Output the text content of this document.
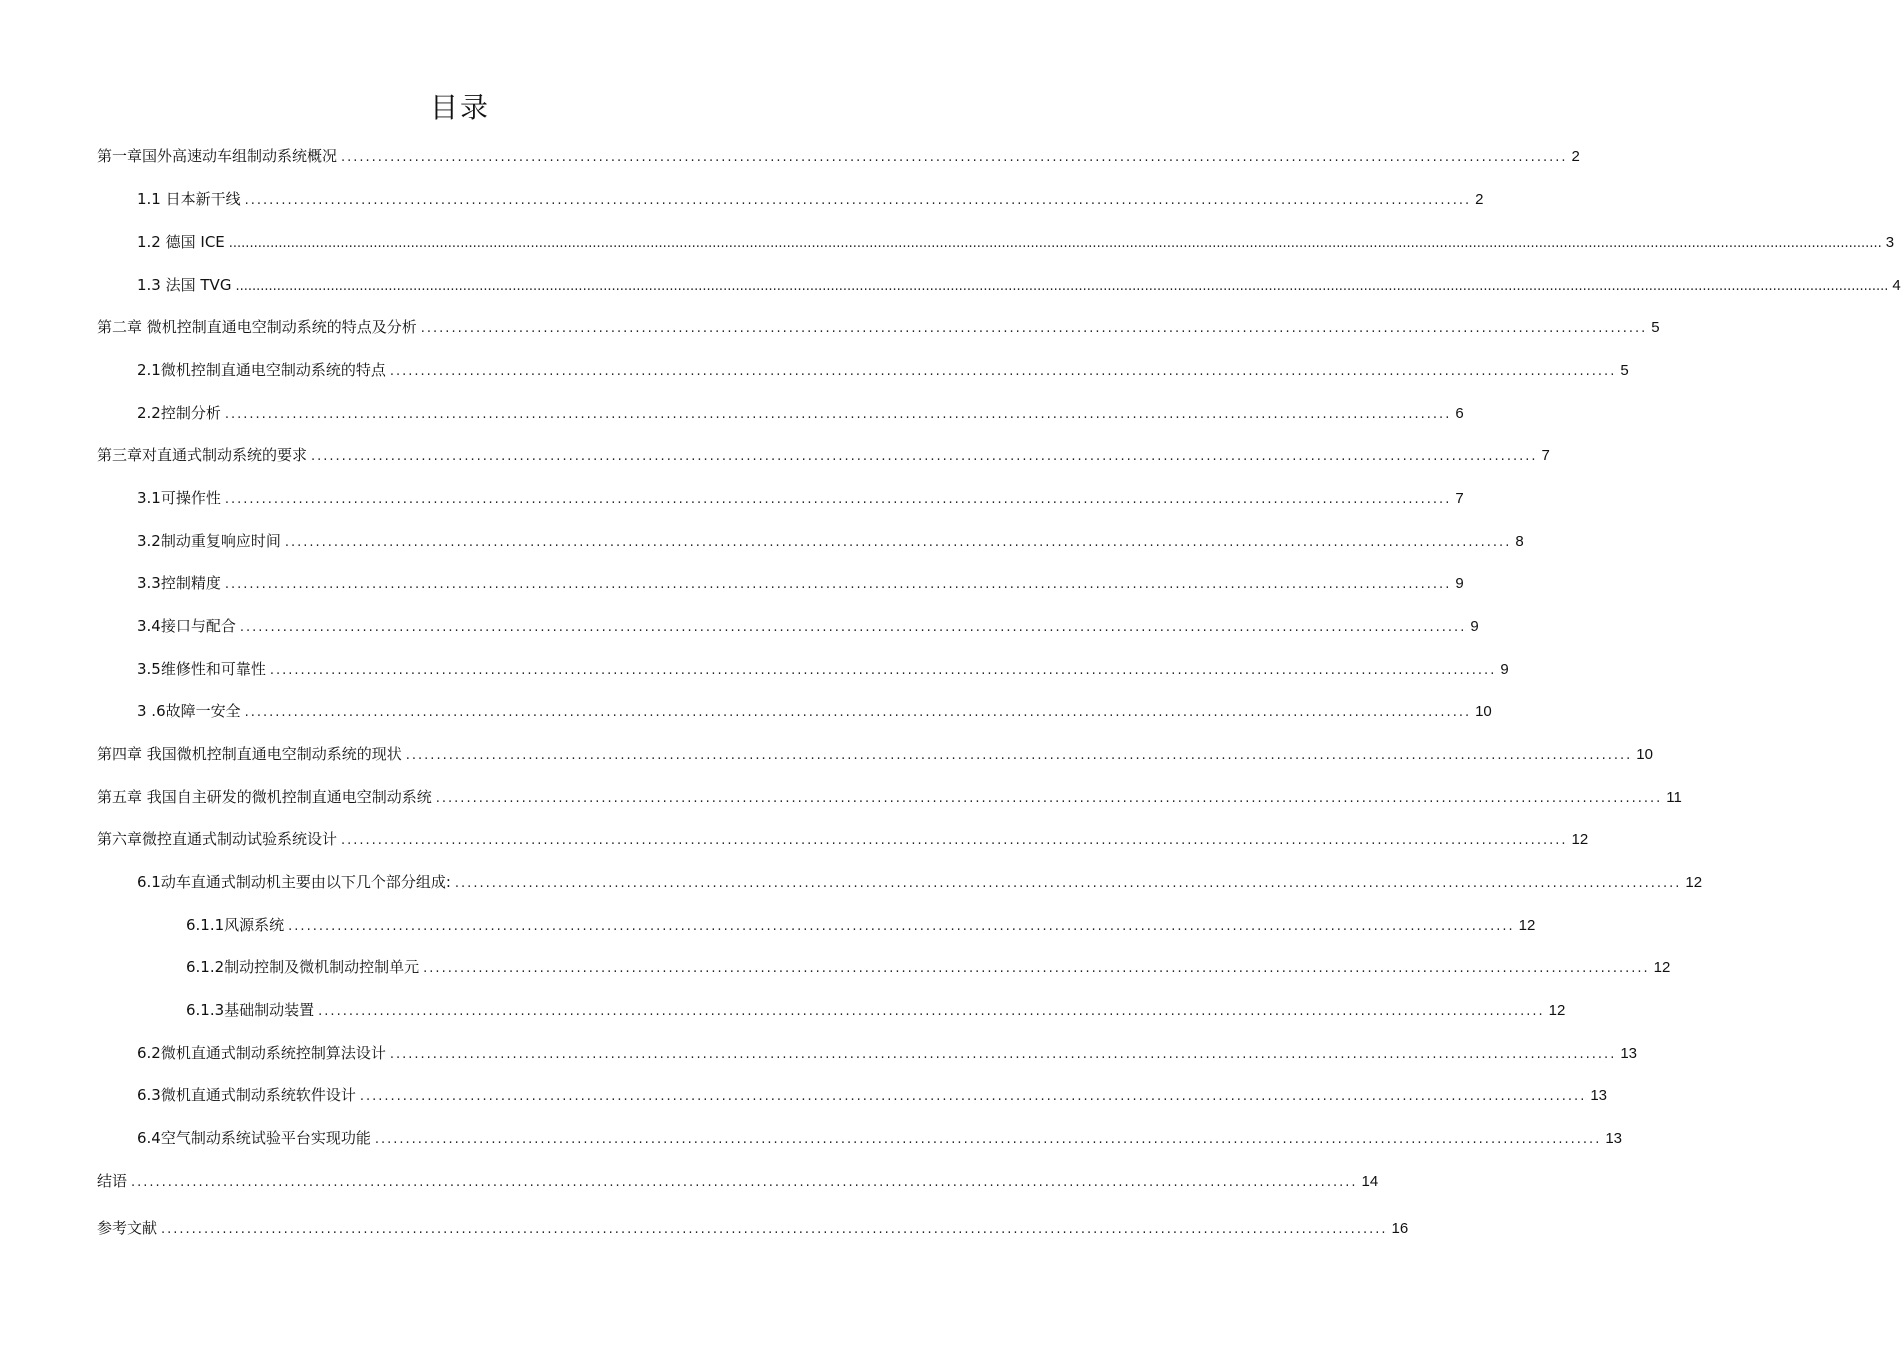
目录
第一章国外高速动车组制动系统概况 ........................................................................................................................................................................................................ 2
1.1 日本新干线 ........................................................................................................................................................................................................ 2
1.2 德国 ICE ................................................................................................................................................................................................................................................................................................................................................................................................................ 3
1.3 法国 TVG ................................................................................................................................................................................................................................................................................................................................................................................................................ 4
第二章 微机控制直通电空制动系统的特点及分析 ........................................................................................................................................................................................................ 5
2.1微机控制直通电空制动系统的特点 ........................................................................................................................................................................................................ 5
2.2控制分析 ........................................................................................................................................................................................................ 6
第三章对直通式制动系统的要求 ........................................................................................................................................................................................................ 7
3.1可操作性 ........................................................................................................................................................................................................ 7
3.2制动重复响应时间 ........................................................................................................................................................................................................ 8
3.3控制精度 ........................................................................................................................................................................................................ 9
3.4接口与配合 ........................................................................................................................................................................................................ 9
3.5维修性和可靠性 ........................................................................................................................................................................................................ 9
3 .6故障一安全 ........................................................................................................................................................................................................ 10
第四章 我国微机控制直通电空制动系统的现状 ........................................................................................................................................................................................................ 10
第五章 我国自主研发的微机控制直通电空制动系统 ........................................................................................................................................................................................................ 11
第六章微控直通式制动试验系统设计 ........................................................................................................................................................................................................ 12
6.1动车直通式制动机主要由以下几个部分组成: ........................................................................................................................................................................................................ 12
6.1.1风源系统 ........................................................................................................................................................................................................ 12
6.1.2制动控制及微机制动控制单元 ........................................................................................................................................................................................................ 12
6.1.3基础制动装置 ........................................................................................................................................................................................................ 12
6.2微机直通式制动系统控制算法设计 ........................................................................................................................................................................................................ 13
6.3微机直通式制动系统软件设计 ........................................................................................................................................................................................................ 13
6.4空气制动系统试验平台实现功能 ........................................................................................................................................................................................................ 13
结语 ........................................................................................................................................................................................................ 14
参考文献 ........................................................................................................................................................................................................ 16
